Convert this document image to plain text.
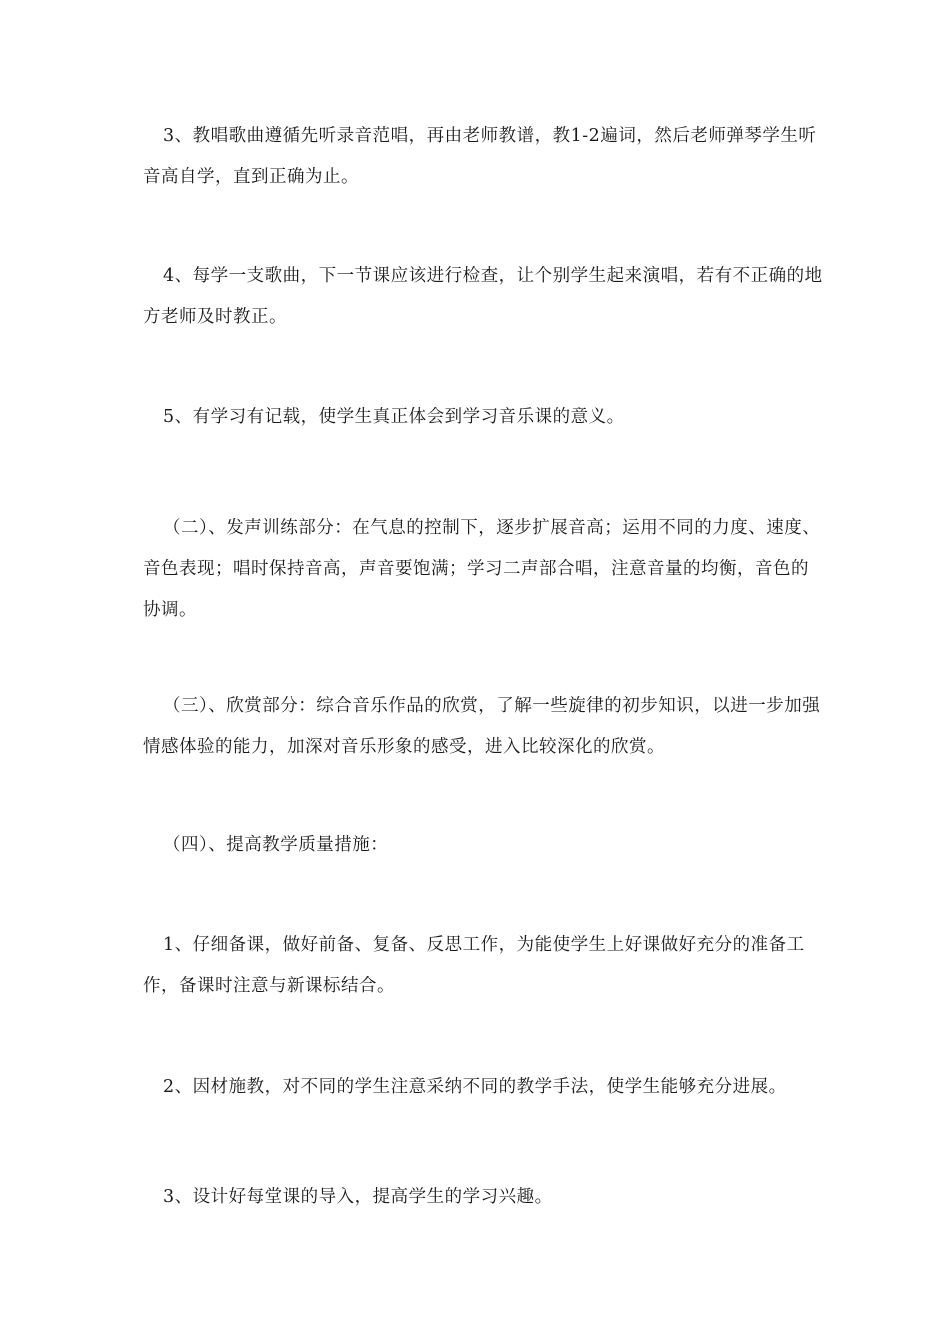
3、教唱歌曲遵循先听录音范唱，再由老师教谱，教1-2遍词，然后老师弹琴学生听音高自学，直到正确为止。

4、每学一支歌曲，下一节课应该进行检查，让个别学生起来演唱，若有不正确的地方老师及时教正。

5、有学习有记载，使学生真正体会到学习音乐课的意义。

（二）、发声训练部分：在气息的控制下，逐步扩展音高；运用不同的力度、速度、音色表现；唱时保持音高，声音要饱满；学习二声部合唱，注意音量的均衡，音色的协调。

（三）、欣赏部分：综合音乐作品的欣赏，了解一些旋律的初步知识，以进一步加强情感体验的能力，加深对音乐形象的感受，进入比较深化的欣赏。

（四）、提高教学质量措施：

1、仔细备课，做好前备、复备、反思工作，为能使学生上好课做好充分的准备工作，备课时注意与新课标结合。

2、因材施教，对不同的学生注意采纳不同的教学手法，使学生能够充分进展。

3、设计好每堂课的导入，提高学生的学习兴趣。
